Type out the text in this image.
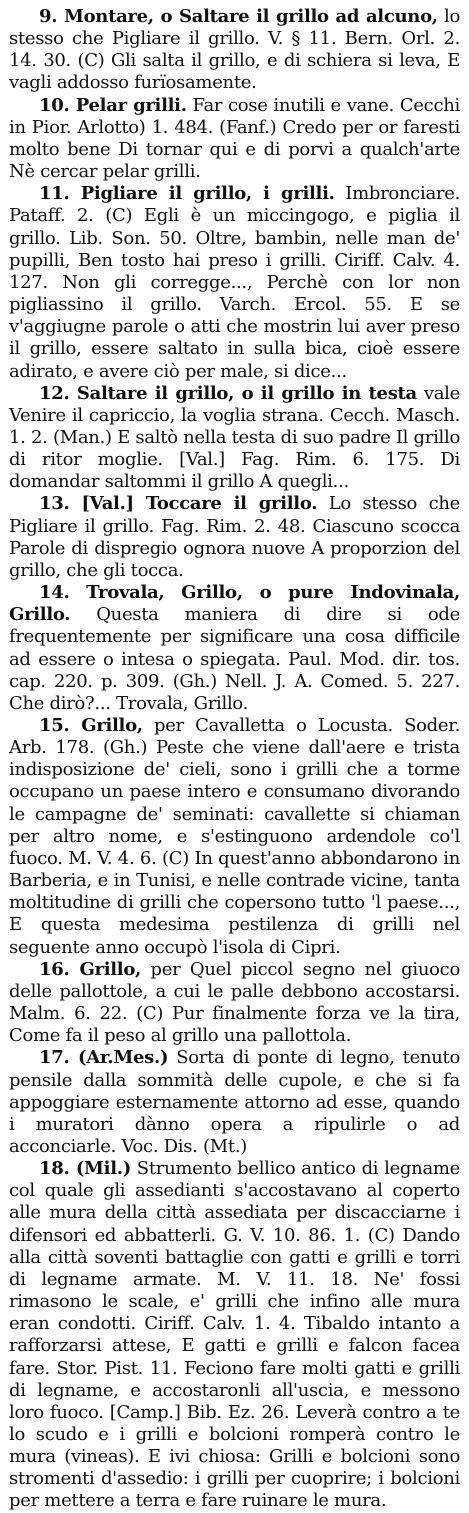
9. Montare, o Saltare il grillo ad alcuno, lo stesso che Pigliare il grillo. V. § 11. Bern. Orl. 2. 14. 30. (C) Gli salta il grillo, e di schiera si leva, E vagli addosso furïosamente.

10. Pelar grilli. Far cose inutili e vane. Cecchi in Pior. Arlotto) 1. 484. (Fanf.) Credo per or faresti molto bene Di tornar qui e di porvi a qualch'arte Nè cercar pelar grilli.

11. Pigliare il grillo, i grilli. Imbronciare. Pataff. 2. (C) Egli è un miccingogo, e piglia il grillo. Lib. Son. 50. Oltre, bambin, nelle man de' pupilli, Ben tosto hai preso i grilli. Ciriff. Calv. 4. 127. Non gli corregge..., Perchè con lor non pigliassino il grillo. Varch. Ercol. 55. E se v'aggiugne parole o atti che mostrin lui aver preso il grillo, essere saltato in sulla bica, cioè essere adirato, e avere ciò per male, si dice...

12. Saltare il grillo, o il grillo in testa vale Venire il capriccio, la voglia strana. Cecch. Masch. 1. 2. (Man.) E saltò nella testa di suo padre Il grillo di ritor moglie. [Val.] Fag. Rim. 6. 175. Di domandar saltommi il grillo A quegli...

13. [Val.] Toccare il grillo. Lo stesso che Pigliare il grillo. Fag. Rim. 2. 48. Ciascuno scocca Parole di dispregio ognora nuove A proporzion del grillo, che gli tocca.

14. Trovala, Grillo, o pure Indovinala, Grillo. Questa maniera di dire si ode frequentemente per significare una cosa difficile ad essere o intesa o spiegata. Paul. Mod. dir. tos. cap. 220. p. 309. (Gh.) Nell. J. A. Comed. 5. 227. Che dirò?... Trovala, Grillo.

15. Grillo, per Cavalletta o Locusta. Soder. Arb. 178. (Gh.) Peste che viene dall'aere e trista indisposizione de' cieli, sono i grilli che a torme occupano un paese intero e consumano divorando le campagne de' seminati: cavallette si chiaman per altro nome, e s'estinguono ardendole co'l fuoco. M. V. 4. 6. (C) In quest'anno abbondarono in Barberia, e in Tunisi, e nelle contrade vicine, tanta moltitudine di grilli che copersono tutto 'l paese..., E questa medesima pestilenza di grilli nel seguente anno occupò l'isola di Cipri.

16. Grillo, per Quel piccol segno nel giuoco delle pallottole, a cui le palle debbono accostarsi. Malm. 6. 22. (C) Pur finalmente forza ve la tira, Come fa il peso al grillo una pallottola.

17. (Ar.Mes.) Sorta di ponte di legno, tenuto pensile dalla sommità delle cupole, e che si fa appoggiare esternamente attorno ad esse, quando i muratori dànno opera a ripulirle o ad acconciarle. Voc. Dis. (Mt.)

18. (Mil.) Strumento bellico antico di legname col quale gli assedianti s'accostavano al coperto alle mura della città assediata per discacciarne i difensori ed abbatterli. G. V. 10. 86. 1. (C) Dando alla città soventi battaglie con gatti e grilli e torri di legname armate. M. V. 11. 18. Ne' fossi rimasono le scale, e' grilli che infino alle mura eran condotti. Ciriff. Calv. 1. 4. Tibaldo intanto a rafforzarsi attese, E gatti e grilli e falcon facea fare. Stor. Pist. 11. Feciono fare molti gatti e grilli di legname, e accostaronli all'uscia, e messono loro fuoco. [Camp.] Bib. Ez. 26. Leverà contro a te lo scudo e i grilli e bolcioni romperà contro le mura (vineas). E ivi chiosa: Grilli e bolcioni sono stromenti d'assedio: i grilli per cuoprire; i bolcioni per mettere a terra e fare ruinare le mura.
